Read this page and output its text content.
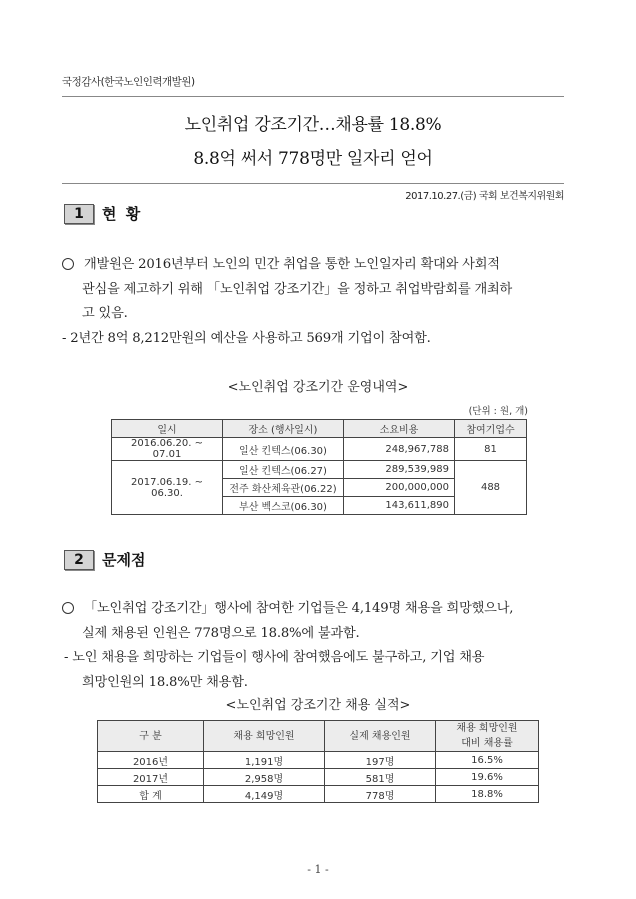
국정감사(한국노인인력개발원)
노인취업 강조기간…채용률 18.8%
8.8억 써서 778명만 일자리 얻어
2017.10.27.(금) 국회 보건복지위원회
1	현 황
개발원은 2016년부터 노인의 민간 취업을 통한 노인일자리 확대와 사회적
관심을 제고하기 위해 「노인취업 강조기간」을 정하고 취업박람회를 개최하
고 있음.
- 2년간 8억 8,212만원의 예산을 사용하고 569개 기업이 참여함.
<노인취업 강조기간 운영내역>
(단위 : 원, 개)
일시	장소 (행사일시)	소요비용	참여기업수
2016.06.20. ~ 07.01	일산 킨텍스(06.30)	248,967,788	81
2017.06.19. ~ 06.30.	일산 킨텍스(06.27)	289,539,989	488
	전주 화산체육관(06.22)	200,000,000	
	부산 벡스코(06.30)	143,611,890	
2	문제점
「노인취업 강조기간」행사에 참여한 기업들은 4,149명 채용을 희망했으나,
실제 채용된 인원은 778명으로 18.8%에 불과함.
- 노인 채용을 희망하는 기업들이 행사에 참여했음에도 불구하고, 기업 채용
희망인원의 18.8%만 채용함.
<노인취업 강조기간 채용 실적>
구 분	채용 희망인원	실제 채용인원	채용 희망인원
대비 채용률

2016년	1,191명	197명	16.5%
2017년	2,958명	581명	19.6%
합 계	4,149명	778명	18.8%
- 1 -
